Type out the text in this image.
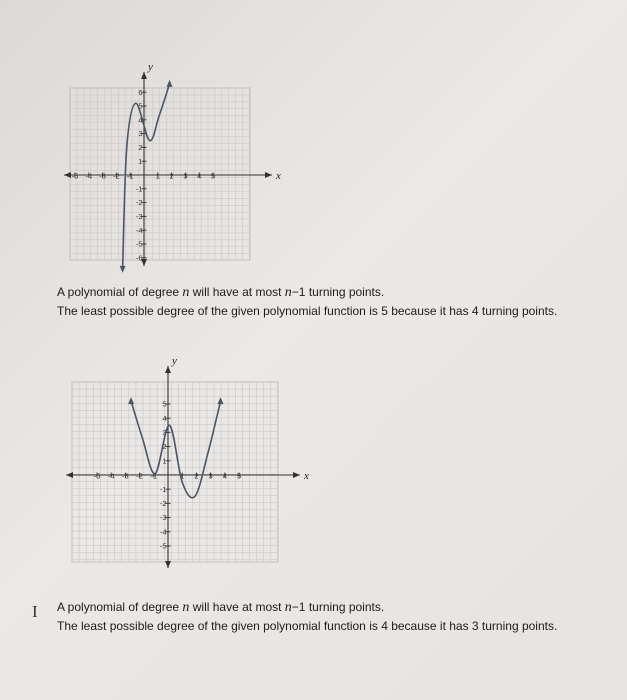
-5 -4 -3 -2 -1	1 2 3 4 5
6
5
4
3
2
1
-1
-2
-3
-4
-5
-6
y
x
A polynomial of degree n will have at most n−1 turning points.
The least possible degree of the given polynomial function is 5 because it has 4 turning points.
-5 -4 -3 -2 -1	1 2 3 4 5
5
4
3
2
1
-1
-2
-3
-4
-5
y
x
I A polynomial of degree n will have at most n−1 turning points.
The least possible degree of the given polynomial function is 4 because it has 3 turning points.
